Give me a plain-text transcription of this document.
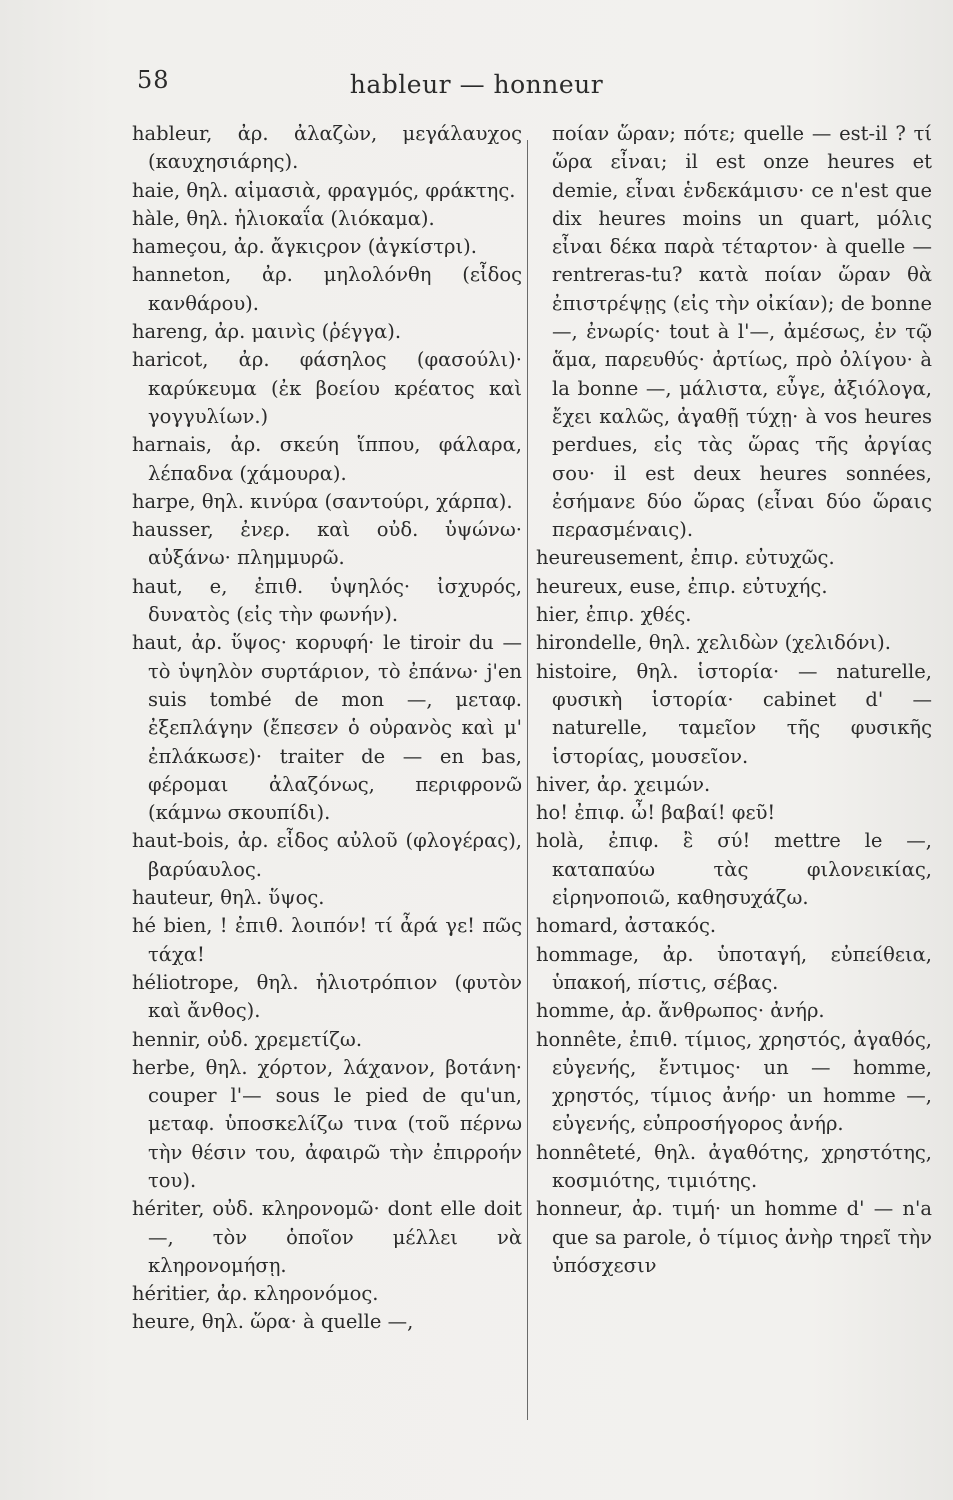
58	hableur — honneur

hableur, ἀρ. ἀλαζὼν, μεγάλαυχος (καυχησιάρης).

haie, θηλ. αἱμασιὰ, φραγμός, φράκτης.

hàle, θηλ. ἡλιοκαΐα (λιόκαμα).

hameçou, ἀρ. ἄγκιςρον (ἀγκίστρι).

hanneton, ἀρ. μηλολόνθη (εἶδος κανθάρου).

hareng, ἀρ. μαινὶς (ῥέγγα).

haricot, ἀρ. φάσηλος (φασούλι)· καρύκευμα (ἐκ βοείου κρέατος καὶ γογγυλίων.)

harnais, ἀρ. σκεύη ἵππου, φάλαρα, λέπαδνα (χάμουρα).

harpe, θηλ. κινύρα (σαντούρι, χάρπα).

hausser, ἐνερ. καὶ οὐδ. ὑψώνω· αὐξάνω· πλημμυρῶ.

haut, e, ἐπιθ. ὑψηλός· ἰσχυρός, δυνατὸς (εἰς τὴν φωνήν).

haut, ἀρ. ὕψος· κορυφή· le tiroir du — τὸ ὑψηλὸν συρτάριον, τὸ ἐπάνω· j'en suis tombé de mon —, μεταφ. ἐξεπλάγην (ἔπεσεν ὁ οὐρανὸς καὶ μ' ἐπλάκωσε)· traiter de — en bas, φέρομαι ἀλαζόνως, περιφρονῶ (κάμνω σκουπίδι).

haut-bois, ἀρ. εἶδος αὐλοῦ (φλογέρας), βαρύαυλος.

hauteur, θηλ. ὕψος.

hé bien, ! ἐπιθ. λοιπόν! τί ἆρά γε! πῶς τάχα!

héliotrope, θηλ. ἡλιοτρόπιον (φυτὸν καὶ ἄνθος).

hennir, οὐδ. χρεμετίζω.

herbe, θηλ. χόρτον, λάχανον, βοτάνη· couper l'— sous le pied de qu'un, μεταφ. ὑποσκελίζω τινα (τοῦ πέρνω τὴν θέσιν του, ἀφαιρῶ τὴν ἐπιρροήν του).

hériter, οὐδ. κληρονομῶ· dont elle doit —, τὸν ὁποῖον μέλλει νὰ κληρονομήσῃ.

héritier, ἀρ. κληρονόμος.

heure, θηλ. ὥρα· à quelle —,

ποίαν ὥραν; πότε; quelle — est-il ? τί ὥρα εἶναι; il est onze heures et demie, εἶναι ἑνδεκάμισυ· ce n'est que dix heures moins un quart, μόλις εἶναι δέκα παρὰ τέταρτον· à quelle — rentreras-tu? κατὰ ποίαν ὥραν θὰ ἐπιστρέψῃς (εἰς τὴν οἰκίαν); de bonne —, ἐνωρίς· tout à l'—, ἀμέσως, ἐν τῷ ἅμα, παρευθύς· ἀρτίως, πρὸ ὀλίγου· à la bonne —, μάλιστα, εὖγε, ἀξιόλογα, ἔχει καλῶς, ἀγαθῇ τύχῃ· à vos heures perdues, εἰς τὰς ὥρας τῆς ἀργίας σου· il est deux heures sonnées, ἐσήμανε δύο ὥρας (εἶναι δύο ὥραις περασμέναις).

heureusement, ἐπιρ. εὐτυχῶς.

heureux, euse, ἐπιρ. εὐτυχής.

hier, ἐπιρ. χθές.

hirondelle, θηλ. χελιδὼν (χελιδόνι).

histoire, θηλ. ἱστορία· — naturelle, φυσικὴ ἱστορία· cabinet d' — naturelle, ταμεῖον τῆς φυσικῆς ἱστορίας, μουσεῖον.

hiver, ἀρ. χειμών.

ho! ἐπιφ. ὦ! βαβαί! φεῦ!

holà, ἐπιφ. ἒ σύ! mettre le —, καταπαύω τὰς φιλονεικίας, εἰρηνοποιῶ, καθησυχάζω.

homard, ἀστακός.

hommage, ἀρ. ὑποταγή, εὐπείθεια, ὑπακοή, πίστις, σέβας.

homme, ἀρ. ἄνθρωπος· ἀνήρ.

honnête, ἐπιθ. τίμιος, χρηστός, ἀγαθός, εὐγενής, ἔντιμος· un — homme, χρηστός, τίμιος ἀνήρ· un homme —, εὐγενής, εὐπροσήγορος ἀνήρ.

honnêteté, θηλ. ἀγαθότης, χρηστότης, κοσμιότης, τιμιότης.

honneur, ἀρ. τιμή· un homme d' — n'a que sa parole, ὁ τίμιος ἀνὴρ τηρεῖ τὴν ὑπόσχεσιν
